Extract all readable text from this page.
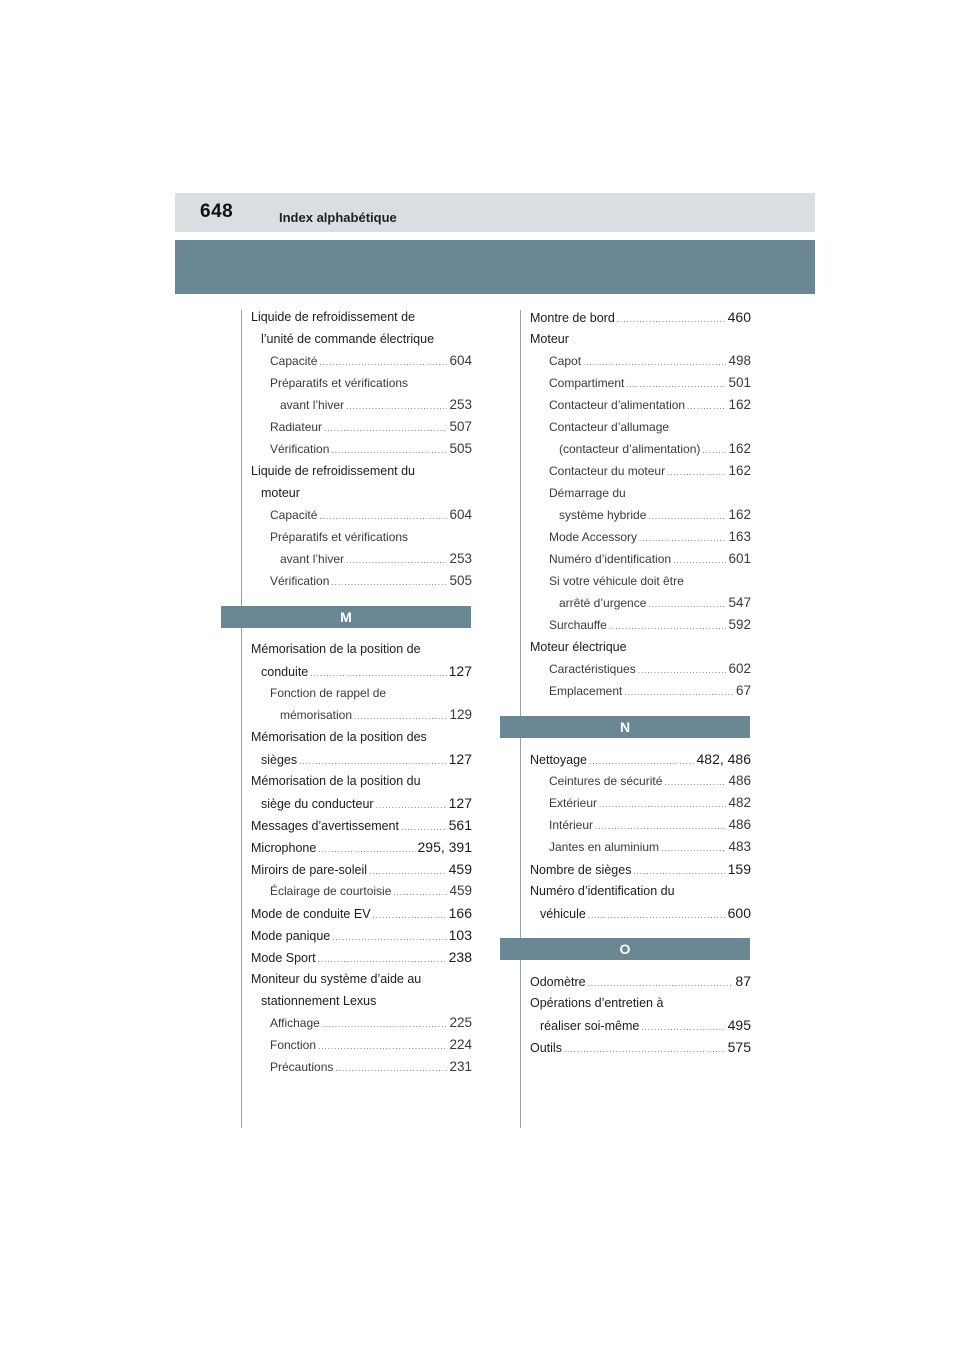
648	Index alphabétique
Liquide de refroidissement de
l’unité de commande électrique
Capacité .....	604
Préparatifs et vérifications
avant l’hiver .....	253
Radiateur .....	507
Vérification .....	505
Liquide de refroidissement du
moteur
Capacité .....	604
Préparatifs et vérifications
avant l’hiver .....	253
Vérification .....	505
M
Mémorisation de la position de
conduite .....	127
Fonction de rappel de
mémorisation .....	129
Mémorisation de la position des
sièges .....	127
Mémorisation de la position du
siège du conducteur .....	127
Messages d’avertissement .....	561
Microphone .....	295, 391
Miroirs de pare-soleil .....	459
Éclairage de courtoisie .....	459
Mode de conduite EV .....	166
Mode panique .....	103
Mode Sport .....	238
Moniteur du système d’aide au
stationnement Lexus
Affichage .....	225
Fonction .....	224
Précautions .....	231
Montre de bord .....	460
Moteur
Capot .....	498
Compartiment .....	501
Contacteur d’alimentation .....	162
Contacteur d’allumage
(contacteur d’alimentation) ..... 162
Contacteur du moteur .....	162
Démarrage du
système hybride .....	162
Mode Accessory .....	163
Numéro d’identification .....	601
Si votre véhicule doit être
arrêté d’urgence .....	547
Surchauffe .....	592
Moteur électrique
Caractéristiques .....	602
Emplacement .....	67
N
Nettoyage .....	482, 486
Ceintures de sécurité .....	486
Extérieur .....	482
Intérieur .....	486
Jantes en aluminium .....	483
Nombre de sièges .....	159
Numéro d’identification du
véhicule .....	600
O
Odomètre .....	87
Opérations d’entretien à
réaliser soi-même .....	495
Outils .....	575
